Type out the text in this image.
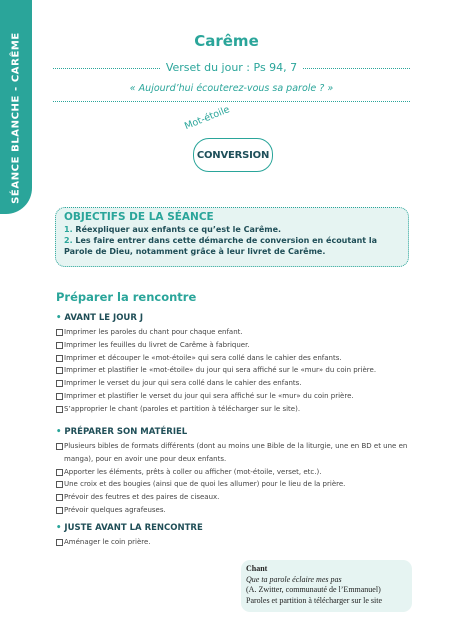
SÉANCE BLANCHE - CARÊME	Carême
Verset du jour : Ps 94, 7
« Aujourd’hui écouterez-vous sa parole ? »
Mot-étoile
CONVERSION
OBJECTIFS DE LA SÉANCE
1. Réexpliquer aux enfants ce qu’est le Carême.
2. Les faire entrer dans cette démarche de conversion en écoutant la Parole de Dieu, notamment grâce à leur livret de Carême.
Préparer la rencontre
• AVANT LE JOUR J
Imprimer les paroles du chant pour chaque enfant.
Imprimer les feuilles du livret de Carême à fabriquer.
Imprimer et découper le «mot-étoile» qui sera collé dans le cahier des enfants.
Imprimer et plastifier le «mot-étoile» du jour qui sera affiché sur le «mur» du coin prière.
Imprimer le verset du jour qui sera collé dans le cahier des enfants.
Imprimer et plastifier le verset du jour qui sera affiché sur le «mur» du coin prière.
S’approprier le chant (paroles et partition à télécharger sur le site).
• PRÉPARER SON MATÉRIEL
Plusieurs bibles de formats différents (dont au moins une Bible de la liturgie, une en BD et une en manga), pour en avoir une pour deux enfants.
Apporter les éléments, prêts à coller ou afficher (mot-étoile, verset, etc.).
Une croix et des bougies (ainsi que de quoi les allumer) pour le lieu de la prière.
Prévoir des feutres et des paires de ciseaux.
Prévoir quelques agrafeuses.
• JUSTE AVANT LA RENCONTRE
Aménager le coin prière.
Chant
Que ta parole éclaire mes pas
(A. Zwitter, communauté de l’Emmanuel)
Paroles et partition à télécharger sur le site
